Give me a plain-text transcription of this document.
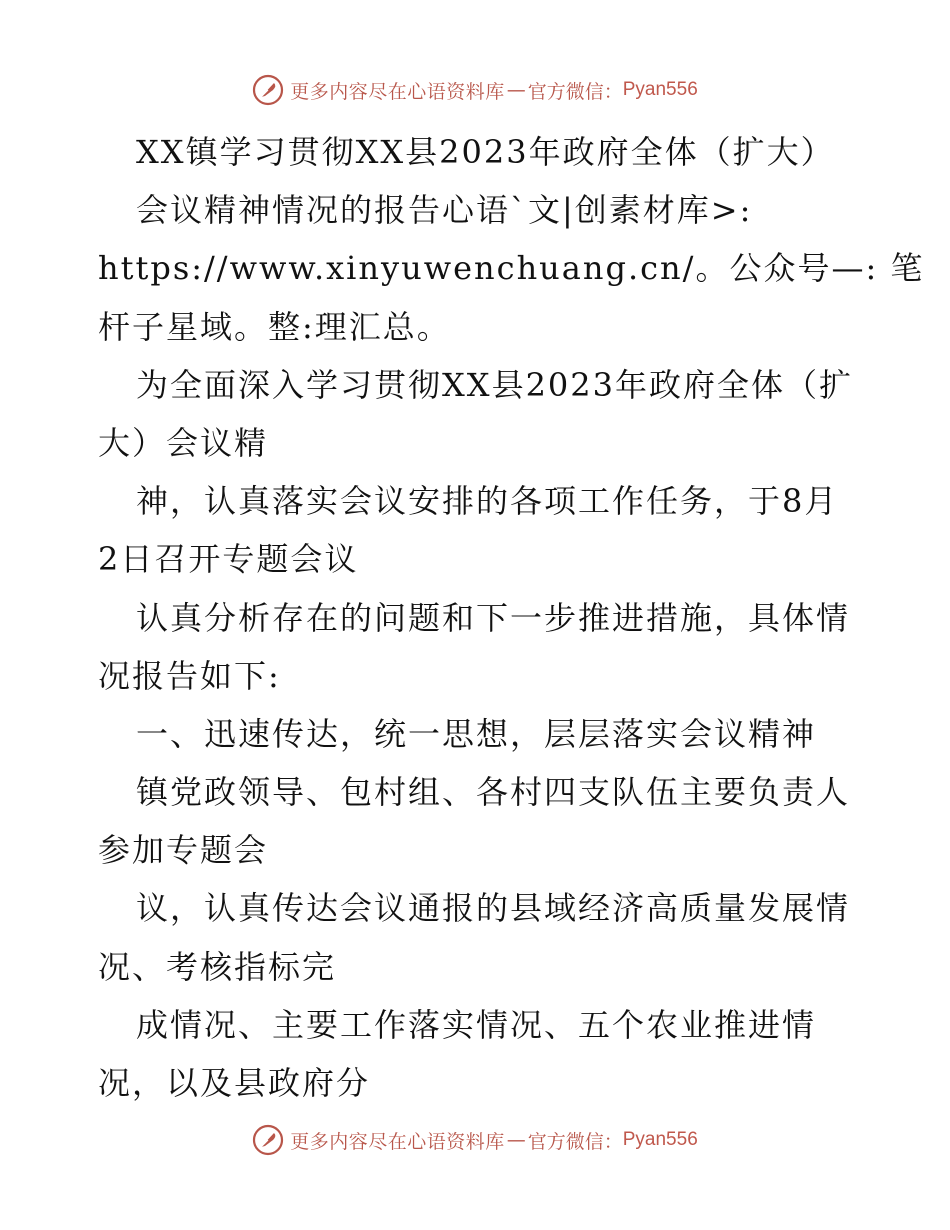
更多内容尽在心语资料库 — 官方微信： Pyan556
XX镇学习贯彻XX县2023年政府全体（扩大）
会议精神情况的报告心语`文|创素材库>:
https://www.xinyuwenchuang.cn/。公众号—: 笔
杆子星域。整:理汇总。
为全面深入学习贯彻XX县2023年政府全体（扩
大）会议精
神，认真落实会议安排的各项工作任务，于8月
2日召开专题会议
认真分析存在的问题和下一步推进措施，具体情
况报告如下:
一、迅速传达，统一思想，层层落实会议精神
镇党政领导、包村组、各村四支队伍主要负责人
参加专题会
议，认真传达会议通报的县域经济高质量发展情
况、考核指标完
成情况、主要工作落实情况、五个农业推进情
况，以及县政府分
更多内容尽在心语资料库 — 官方微信： Pyan556
